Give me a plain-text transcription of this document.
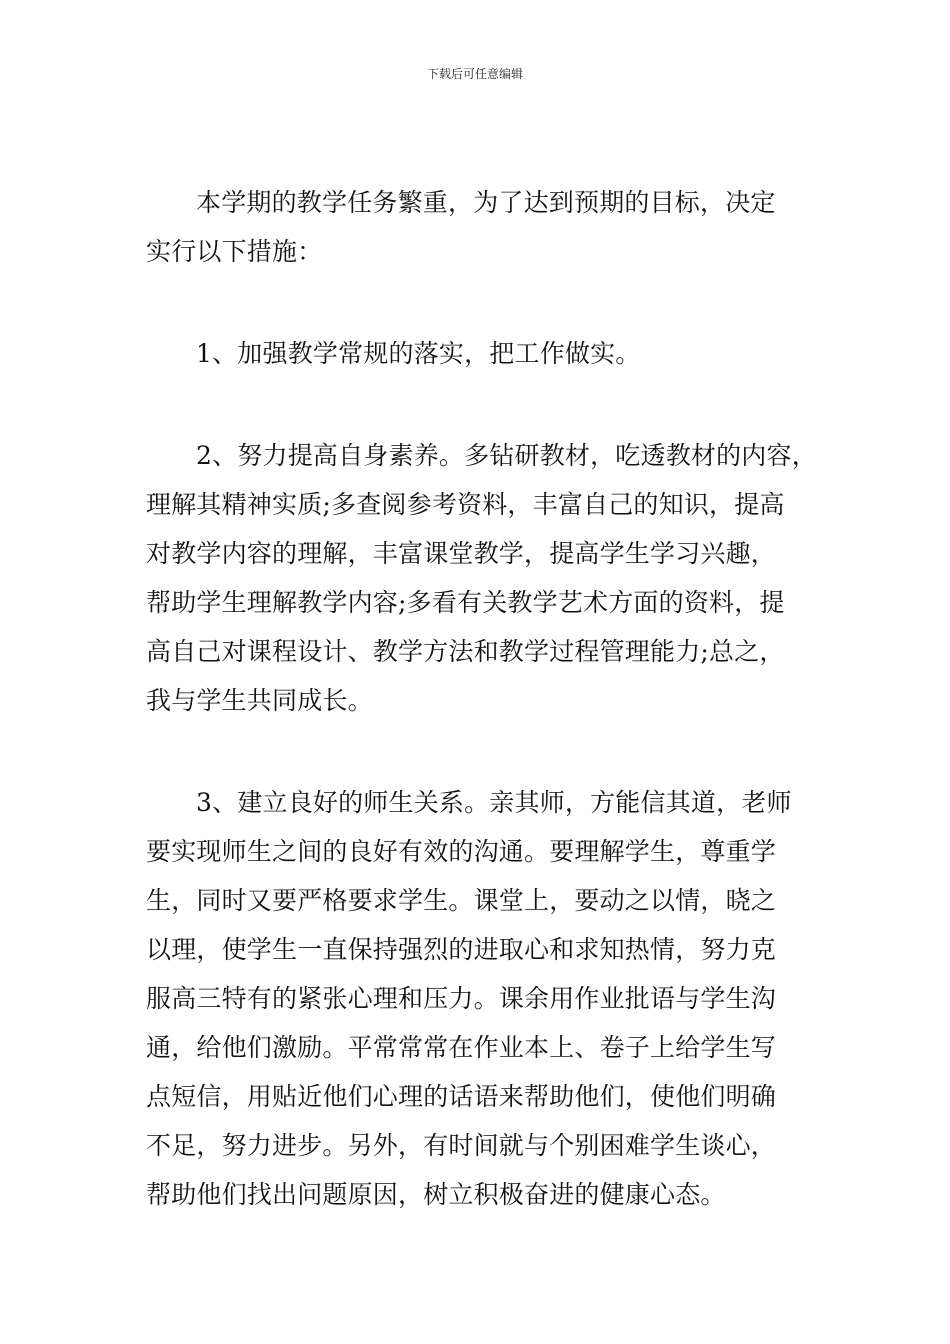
下载后可任意编辑
本学期的教学任务繁重，为了达到预期的目标，决定
实行以下措施：
1、加强教学常规的落实，把工作做实。
2、努力提高自身素养。多钻研教材，吃透教材的内容，
理解其精神实质;多查阅参考资料，丰富自己的知识，提高
对教学内容的理解，丰富课堂教学，提高学生学习兴趣，
帮助学生理解教学内容;多看有关教学艺术方面的资料，提
高自己对课程设计、教学方法和教学过程管理能力;总之，
我与学生共同成长。
3、建立良好的师生关系。亲其师，方能信其道，老师
要实现师生之间的良好有效的沟通。要理解学生，尊重学
生，同时又要严格要求学生。课堂上，要动之以情，晓之
以理，使学生一直保持强烈的进取心和求知热情，努力克
服高三特有的紧张心理和压力。课余用作业批语与学生沟
通，给他们激励。平常常常在作业本上、卷子上给学生写
点短信，用贴近他们心理的话语来帮助他们，使他们明确
不足，努力进步。另外，有时间就与个别困难学生谈心，
帮助他们找出问题原因，树立积极奋进的健康心态。
